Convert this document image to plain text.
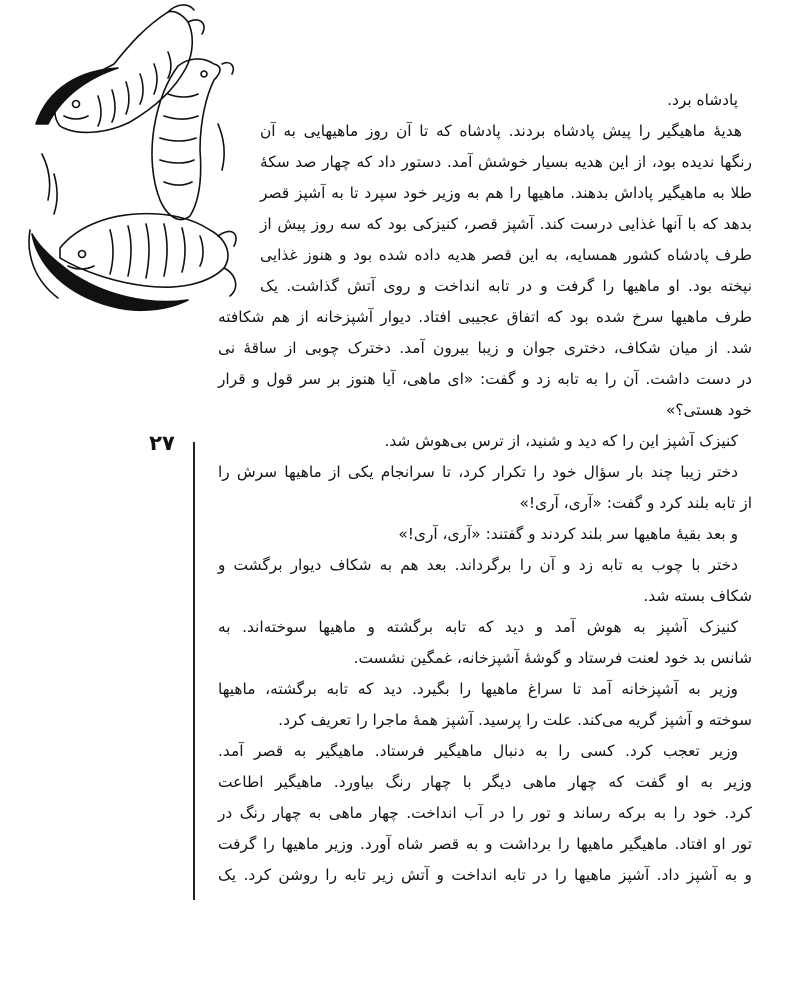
۲۷
پادشاه برد.
هدیهٔ ماهیگیر را پیش پادشاه بردند. پادشاه که تا آن روز ماهیهایی به آن
رنگها ندیده بود، از این هدیه بسیار خوشش آمد. دستور داد که چهار صد سکهٔ
طلا به ماهیگیر پاداش بدهند. ماهیها را هم به وزیر خود سپرد تا به آشپز قصر
بدهد که با آنها غذایی درست کند. آشپز قصر، کنیزکی بود که سه روز پیش از
طرف پادشاه کشور همسایه، به این قصر هدیه داده شده بود و هنوز غذایی
نپخته بود. او ماهیها را گرفت و در تابه انداخت و روی آتش گذاشت. یک
طرف ماهیها سرخ شده بود که اتفاق عجیبی افتاد. دیوار آشپزخانه از هم شکافته
شد. از میان شکاف، دختری جوان و زیبا بیرون آمد. دخترک چوبی از ساقهٔ نی
در دست داشت. آن را به تابه زد و گفت: «ای ماهی، آیا هنوز بر سر قول و قرار
خود هستی؟»
کنیزک آشپز این را که دید و شنید، از ترس بی‌هوش شد.
دختر زیبا چند بار سؤال خود را تکرار کرد، تا سرانجام یکی از ماهیها سرش را
از تابه بلند کرد و گفت: «آری، آری!»
و بعد بقیهٔ ماهیها سر بلند کردند و گفتند: «آری، آری!»
دختر با چوب به تابه زد و آن را برگرداند. بعد هم به شکاف دیوار برگشت و
شکاف بسته شد.
کنیزک آشپز به هوش آمد و دید که تابه برگشته و ماهیها سوخته‌اند. به
شانس بد خود لعنت فرستاد و گوشهٔ آشپزخانه، غمگین نشست.
وزیر به آشپزخانه آمد تا سراغ ماهیها را بگیرد. دید که تابه برگشته، ماهیها
سوخته و آشپز گریه می‌کند. علت را پرسید. آشپز همهٔ ماجرا را تعریف کرد.
وزیر تعجب کرد. کسی را به دنبال ماهیگیر فرستاد. ماهیگیر به قصر آمد.
وزیر به او گفت که چهار ماهی دیگر با چهار رنگ بیاورد. ماهیگیر اطاعت
کرد. خود را به برکه رساند و تور را در آب انداخت. چهار ماهی به چهار رنگ در
تور او افتاد. ماهیگیر ماهیها را برداشت و به قصر شاه آورد. وزیر ماهیها را گرفت
و به آشپز داد. آشپز ماهیها را در تابه انداخت و آتش زیر تابه را روشن کرد. یک
